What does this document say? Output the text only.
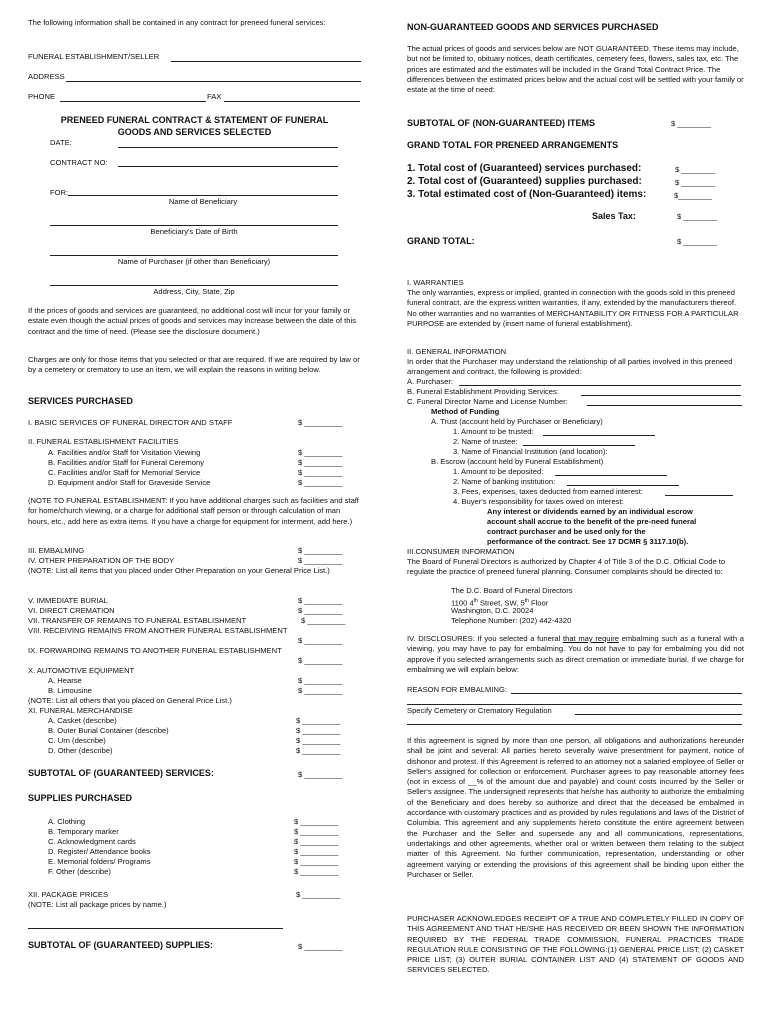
The following information shall be contained in any contract for preneed funeral services:
FUNERAL ESTABLISHMENT/SELLER
ADDRESS
PHONE	FAX
PRENEED FUNERAL CONTRACT & STATEMENT OF FUNERAL
GOODS AND SERVICES SELECTED
DATE:
CONTRACT NO:
FOR:
Name of Beneficiary
Beneficiary's Date of Birth
Name of Purchaser (if other than Beneficiary)
Address, City, State, Zip
If the prices of goods and services are guaranteed, no additional cost will incur for your family or estate even though the actual prices of goods and services may increase between the date of this contract and the time of need. (Please see the disclosure document.)
Charges are only for those items that you selected or that are required. If we are required by law or by a cemetery or crematory to use an item, we will explain the reasons in writing below.
SERVICES PURCHASED
I. BASIC SERVICES OF FUNERAL DIRECTOR AND STAFF	$ _________
II. FUNERAL ESTABLISHMENT FACILITIES
A. Facilities and/or Staff for Visitation Viewing	$ _________
B. Facilities and/or Staff for Funeral Ceremony	$ _________
C. Facilities and/or Staff for Memorial Service	$ _________
D. Equipment and/or Staff for Graveside Service	$ _________
(NOTE TO FUNERAL ESTABLISHMENT: If you have additional charges such as facilities and staff for home/church viewing, or a charge for additional staff person or through calculation of man hours, etc., add here as extra items. If you have a charge for equipment for interment, add here.)
III. EMBALMING	$ _________
IV. OTHER PREPARATION OF THE BODY	$ _________
(NOTE: List all items that you placed under Other Preparation on your General Price List.)
V. IMMEDIATE BURIAL	$ _________
VI. DIRECT CREMATION	$ _________
VII. TRANSFER OF REMAINS TO FUNERAL ESTABLISHMENT	$ _________
VIII. RECEIVING REMAINS FROM ANOTHER FUNERAL ESTABLISHMENT
$ _________
IX. FORWARDING REMAINS TO ANOTHER FUNERAL ESTABLISHMENT
$ _________
X. AUTOMOTIVE EQUIPMENT
A. Hearse	$ _________
B. Limousine	$ _________
(NOTE: List all others that you placed on General Price List.)
XI. FUNERAL MERCHANDISE
A. Casket (describe)	$ _________
B. Outer Burial Container (describe)	$ _________
C. Urn (describe)	$ _________
D. Other (describe)	$ _________
SUBTOTAL OF (GUARANTEED) SERVICES:	$ _________
SUPPLIES PURCHASED
A. Clothing	$ _________
B. Temporary marker	$ _________
C. Acknowledgment cards	$ _________
D. Register/ Attendance books	$ _________
E. Memorial folders/ Programs	$ _________
F. Other (describe)	$ _________
XII. PACKAGE PRICES	$ _________
(NOTE: List all package prices by name.)
SUBTOTAL OF (GUARANTEED) SUPPLIES:	$ _________
NON-GUARANTEED GOODS AND SERVICES PURCHASED
The actual prices of goods and services below are NOT GUARANTEED. These items may include, but not be limited to, obituary notices, death certificates, cemetery fees, flowers, sales tax, etc. The prices are estimated and the estimates will be included in the Grand Total Contract Price. The differences between the estimated prices below and the actual cost will be settled with your family or estate at the time of need:
SUBTOTAL OF (NON-GUARANTEED) ITEMS	$ ________
GRAND TOTAL FOR PRENEED ARRANGEMENTS
1. Total cost of (Guaranteed) services purchased:	$ ________
2. Total cost of (Guaranteed) supplies purchased:	$ ________
3. Total estimated cost of (Non-Guaranteed) items:	$________
Sales Tax:	$ ________
GRAND TOTAL:	$ ________
I. WARRANTIES
The only warranties, express or implied, granted in connection with the goods sold in this preneed funeral contract, are the express written warranties, if any, extended by the manufacturers thereof. No other warranties and no warranties of MERCHANTABILITY OR FITNESS FOR A PARTICULAR PURPOSE are extended by (insert name of funeral establishment).
II. GENERAL INFORMATION
In order that the Purchaser may understand the relationship of all parties involved in this preneed arrangement and contract, the following is provided:
A. Purchaser:
B. Funeral Establishment Providing Services:
C. Funeral Director Name and License Number:
Method of Funding
A. Trust (account held by Purchaser or Beneficiary)
1. Amount to be trusted:
2. Name of trustee:
3. Name of Financial Institution (and location):
B. Escrow (account held by Funeral Establishment)
1. Amount to be deposited:
2. Name of banking institution:
3. Fees, expenses, taxes deducted from earned interest:
4. Buyer's responsibility for taxes owed on interest:
Any interest or dividends earned by an individual escrow
account shall accrue to the benefit of the pre-need funeral
contract purchaser and be used only for the
performance of the contract. See 17 DCMR § 3117.10(b).
III.CONSUMER INFORMATION
The Board of Funeral Directors is authorized by Chapter 4 of Title 3 of the D.C. Official Code to regulate the practice of preneed funeral planning. Consumer complaints should be directed to:
The D.C. Board of Funeral Directors
1100 4th Street, SW, 5th Floor
Washington, D.C. 20024
Telephone Number: (202) 442-4320
IV. DISCLOSURES: If you selected a funeral that may require embalming such as a funeral with a viewing, you may have to pay for embalming. You do not have to pay for embalming you did not approve if you selected arrangements such as direct cremation or immediate burial. If we charge for embalming we will explain below:
REASON FOR EMBALMING:
Specify Cemetery or Crematory Regulation
If this agreement is signed by more than one person, all obligations and authorizations hereunder shall be joint and several: All parties hereto severally waive presentment for payment, notice of dishonor and protest. If this Agreement is referred to an attorney not a salaried employee of Seller or Seller's assigned for collection or enforcement. Purchaser agrees to pay reasonable attorney fees (not in excess of __% of the amount due and payable) and count costs incurred by the Seller or Seller's assignee. The undersigned represents that he/she has authority to authorize the embalming of the Beneficiary and does hereby so authorize and direct that the deceased be embalmed in accordance with customary practices and as provided by rules regulations and laws of the District of Columbia. This agreement and any supplements hereto constitute the entire agreement between the Purchaser and the Seller and supersede any and all communications, representations, undertakings and other agreements, whether oral or written between them relating to the subject matter of this Agreement. No further communication, representation, understanding or other agreement varying or extending the provisions of this agreement shall be binding upon either the Purchaser or Seller.
PURCHASER ACKNOWLEDGES RECEIPT OF A TRUE AND COMPLETELY FILLED IN COPY OF THIS AGREEMENT AND THAT HE/SHE HAS RECEIVED OR BEEN SHOWN THE INFORMATION REQUIRED BY THE FEDERAL TRADE COMMISSION, FUNERAL PRACTICES TRADE REGULATION RULE CONSISTING OF THE FOLLOWING:(1) GENERAL PRICE LIST; (2) CASKET PRICE LIST; (3) OUTER BURIAL CONTAINER LIST AND (4) STATEMENT OF GOODS AND SERVICES SELECTED.
